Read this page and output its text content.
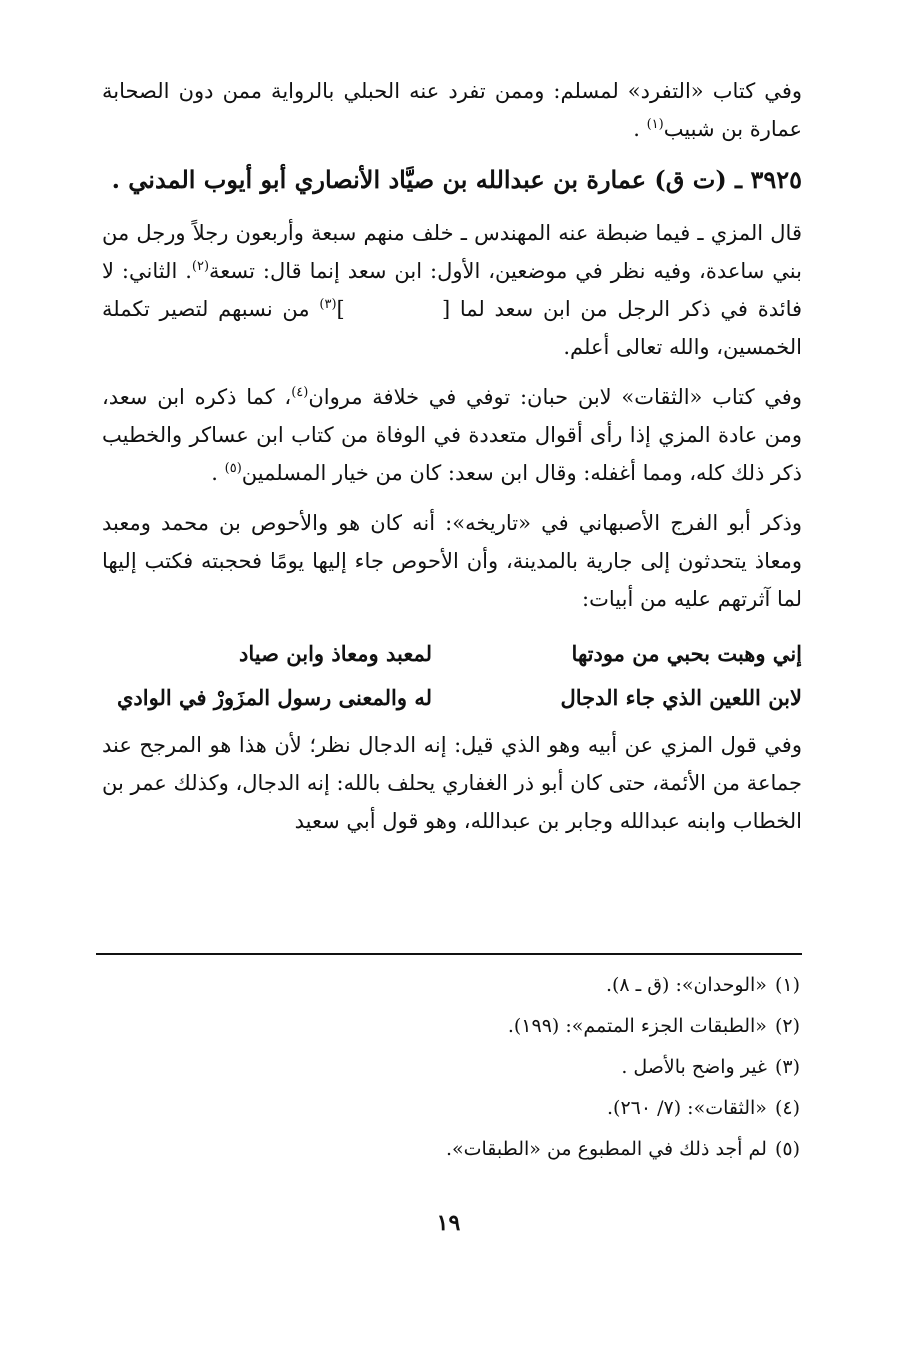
وفي كتاب «التفرد» لمسلم: وممن تفرد عنه الحبلي بالرواية ممن دون الصحابة عمارة بن شبيب$^{(١)}$ .

٣٩٢٥ ـ (ت ق) عمارة بن عبدالله بن صيَّاد الأنصاري أبو أيوب المدني .

قال المزي ـ فيما ضبطة عنه المهندس ـ خلف منهم سبعة وأربعون رجلاً ورجل من بني ساعدة، وفيه نظر في موضعين، الأول: ابن سعد إنما قال: تسعة$^{(٢)}$. الثاني: لا فائدة في ذكر الرجل من ابن سعد لما [          ]$^{(٣)}$ من نسبهم لتصير تكملة الخمسين، والله تعالى أعلم.

وفي كتاب «الثقات» لابن حبان: توفي في خلافة مروان$^{(٤)}$، كما ذكره ابن سعد، ومن عادة المزي إذا رأى أقوال متعددة في الوفاة من كتاب ابن عساكر والخطيب ذكر ذلك كله، ومما أغفله: وقال ابن سعد: كان من خيار المسلمين$^{(٥)}$ .

وذكر أبو الفرج الأصبهاني في «تاريخه»: أنه كان هو والأحوص بن محمد ومعبد ومعاذ يتحدثون إلى جارية بالمدينة، وأن الأحوص جاء إليها يومًا فحجبته فكتب إليها لما آثرتهم عليه من أبيات:

إني وهبت بحبي من مودتها
لمعبد ومعاذ وابن صياد
لابن اللعين الذي جاء الدجال
له والمعنى رسول المزَورْ في الوادي

وفي قول المزي عن أبيه وهو الذي قيل: إنه الدجال نظر؛ لأن هذا هو المرجح عند جماعة من الأئمة، حتى كان أبو ذر الغفاري يحلف بالله: إنه الدجال، وكذلك عمر بن الخطاب وابنه عبدالله وجابر بن عبدالله، وهو قول أبي سعيد

(١)«الوحدان»: (ق ـ ٨).
(٢)«الطبقات الجزء المتمم»: (١٩٩).
(٣)غير واضح بالأصل .
(٤)«الثقات»: (٧/ ٢٦٠).
(٥)لم أجد ذلك في المطبوع من «الطبقات».
١٩
